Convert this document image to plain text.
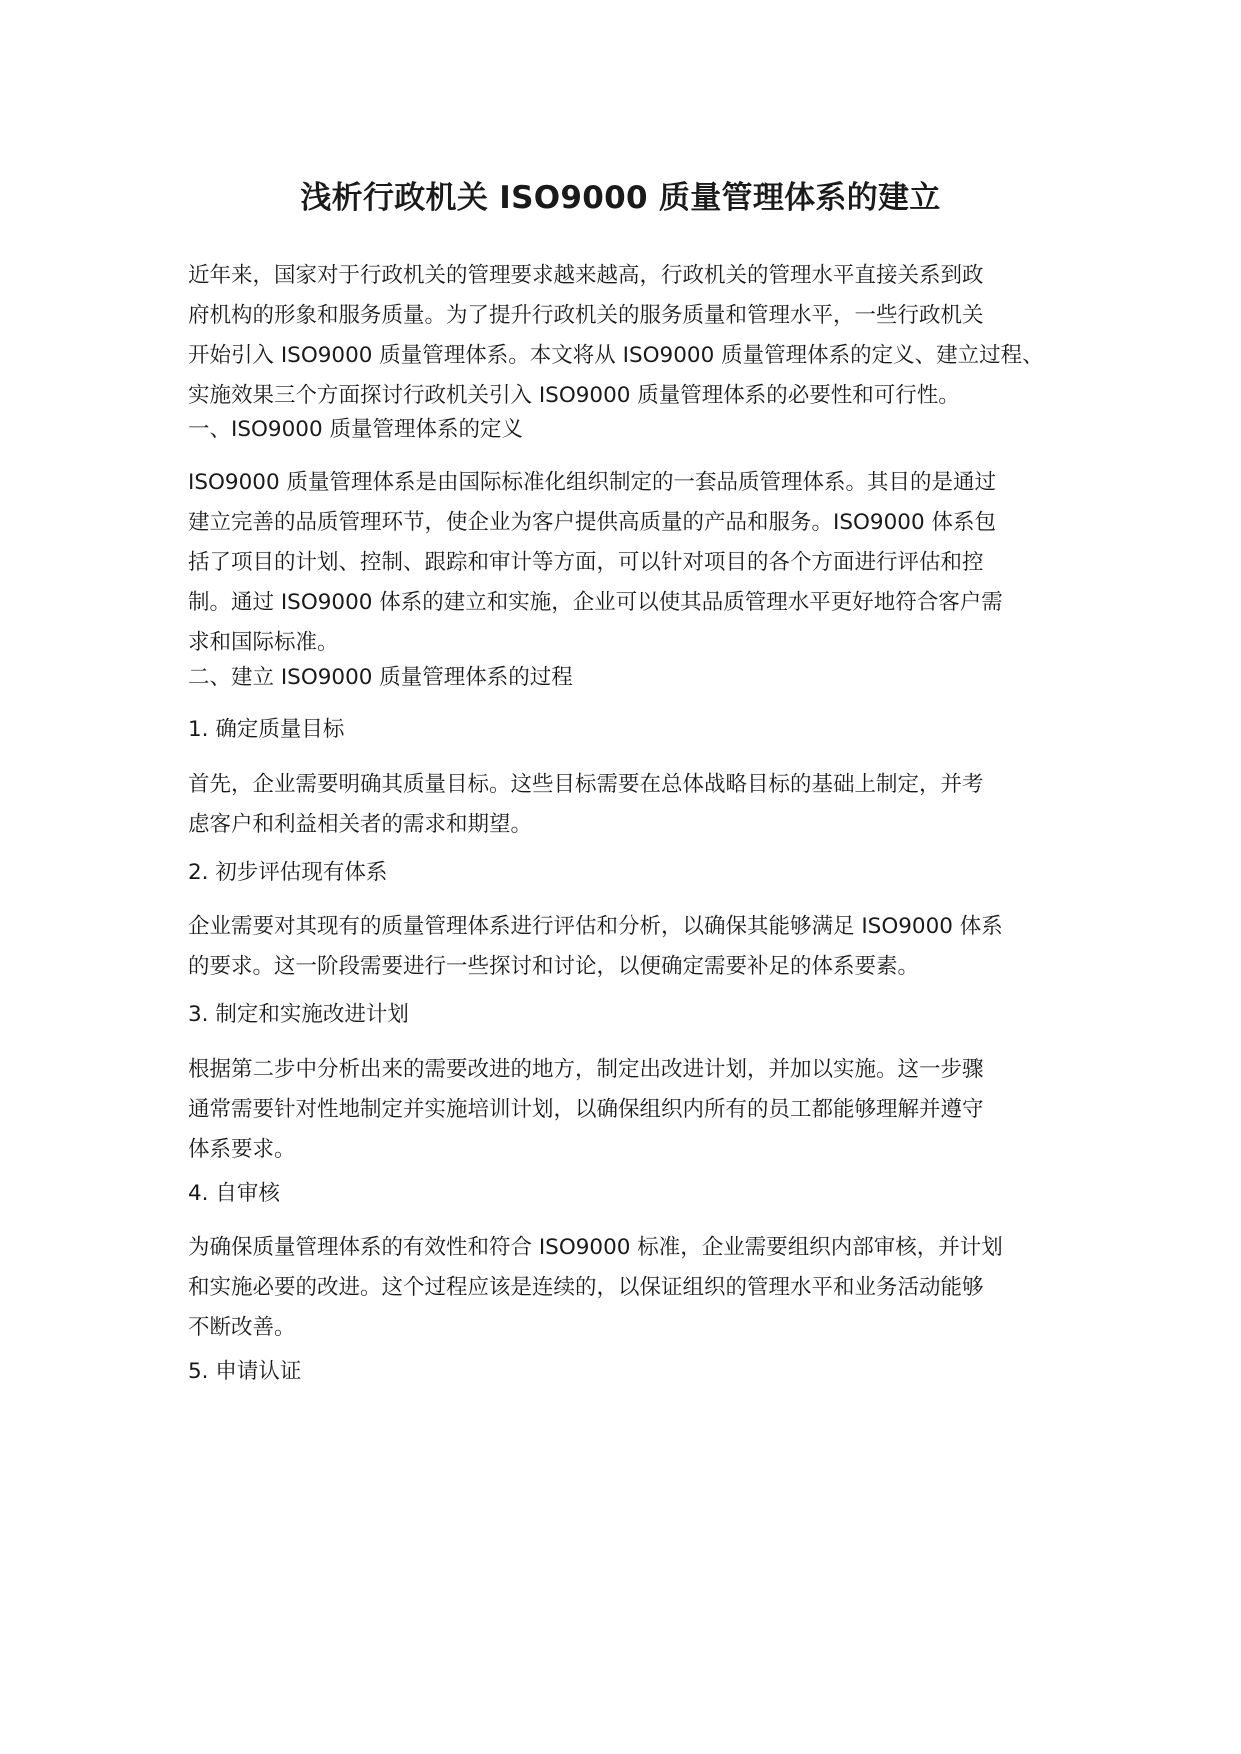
浅析行政机关 ISO9000 质量管理体系的建立
近年来，国家对于行政机关的管理要求越来越高，行政机关的管理水平直接关系到政
府机构的形象和服务质量。为了提升行政机关的服务质量和管理水平，一些行政机关
开始引入 ISO9000 质量管理体系。本文将从 ISO9000 质量管理体系的定义、建立过程、
实施效果三个方面探讨行政机关引入 ISO9000 质量管理体系的必要性和可行性。
一、ISO9000 质量管理体系的定义
ISO9000 质量管理体系是由国际标准化组织制定的一套品质管理体系。其目的是通过
建立完善的品质管理环节，使企业为客户提供高质量的产品和服务。ISO9000 体系包
括了项目的计划、控制、跟踪和审计等方面，可以针对项目的各个方面进行评估和控
制。通过 ISO9000 体系的建立和实施，企业可以使其品质管理水平更好地符合客户需
求和国际标准。
二、建立 ISO9000 质量管理体系的过程
1. 确定质量目标
首先，企业需要明确其质量目标。这些目标需要在总体战略目标的基础上制定，并考
虑客户和利益相关者的需求和期望。
2. 初步评估现有体系
企业需要对其现有的质量管理体系进行评估和分析，以确保其能够满足 ISO9000 体系
的要求。这一阶段需要进行一些探讨和讨论，以便确定需要补足的体系要素。
3. 制定和实施改进计划
根据第二步中分析出来的需要改进的地方，制定出改进计划，并加以实施。这一步骤
通常需要针对性地制定并实施培训计划，以确保组织内所有的员工都能够理解并遵守
体系要求。
4. 自审核
为确保质量管理体系的有效性和符合 ISO9000 标准，企业需要组织内部审核，并计划
和实施必要的改进。这个过程应该是连续的，以保证组织的管理水平和业务活动能够
不断改善。
5. 申请认证
